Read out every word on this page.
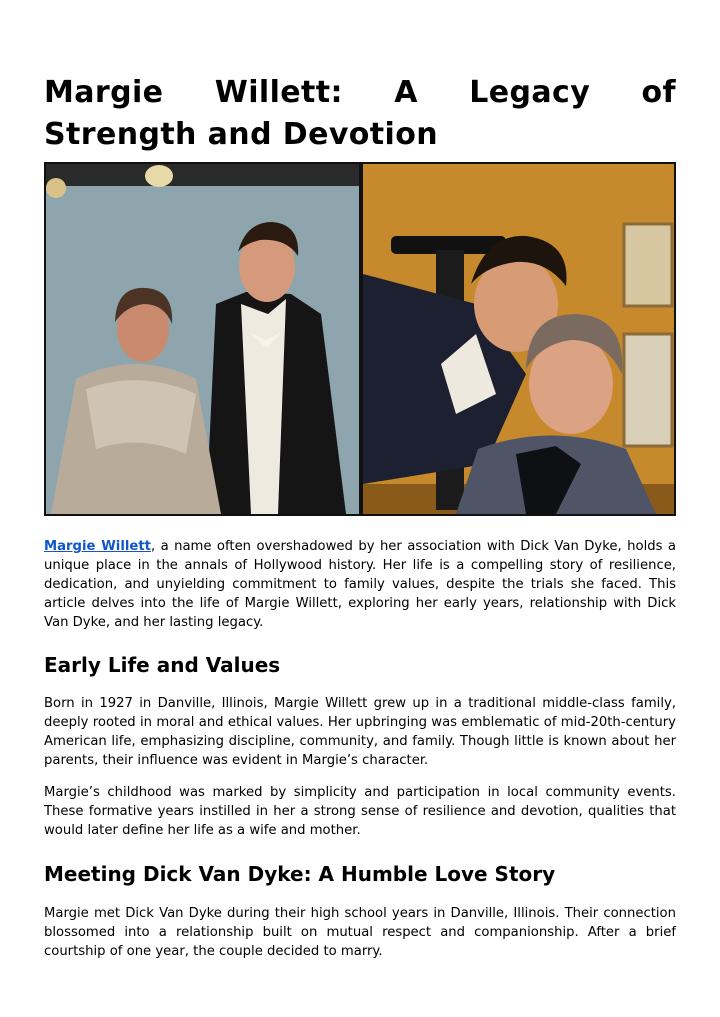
Margie Willett: A Legacy of Strength and Devotion

Margie Willett, a name often overshadowed by her association with Dick Van Dyke, holds a unique place in the annals of Hollywood history. Her life is a compelling story of resilience, dedication, and unyielding commitment to family values, despite the trials she faced. This article delves into the life of Margie Willett, exploring her early years, relationship with Dick Van Dyke, and her lasting legacy.

Early Life and Values

Born in 1927 in Danville, Illinois, Margie Willett grew up in a traditional middle-class family, deeply rooted in moral and ethical values. Her upbringing was emblematic of mid-20th-century American life, emphasizing discipline, community, and family. Though little is known about her parents, their influence was evident in Margie’s character.

Margie’s childhood was marked by simplicity and participation in local community events. These formative years instilled in her a strong sense of resilience and devotion, qualities that would later define her life as a wife and mother.

Meeting Dick Van Dyke: A Humble Love Story

Margie met Dick Van Dyke during their high school years in Danville, Illinois. Their connection blossomed into a relationship built on mutual respect and companionship. After a brief courtship of one year, the couple decided to marry.
